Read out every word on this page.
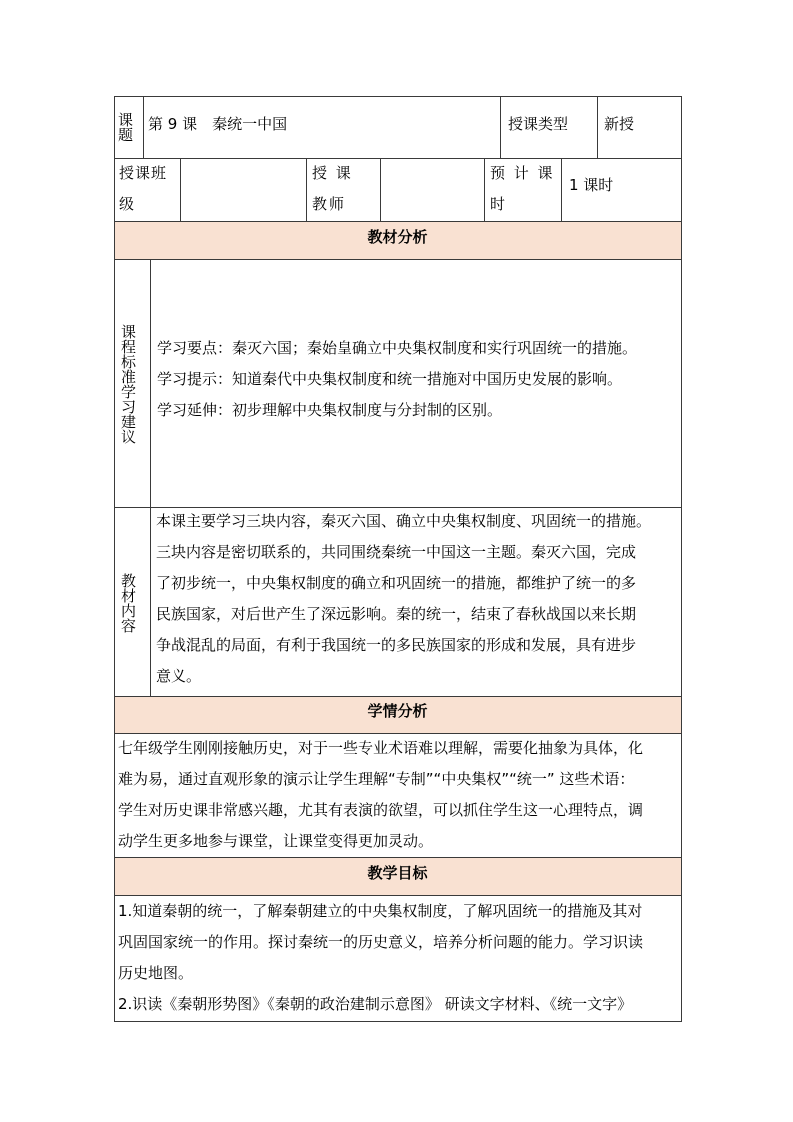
课题 第 9 课　秦统一中国	授课类型 新授
授课班级
授 课 教师
预 计 课时
1 课时
教材分析
课程标准学习建议	学习要点：秦灭六国；秦始皇确立中央集权制度和实行巩固统一的措施。
学习提示：知道秦代中央集权制度和统一措施对中国历史发展的影响。
学习延伸：初步理解中央集权制度与分封制的区别。
教材内容
本课主要学习三块内容，秦灭六国、确立中央集权制度、巩固统一的措施。
三块内容是密切联系的，共同围绕秦统一中国这一主题。秦灭六国，完成
了初步统一，中央集权制度的确立和巩固统一的措施，都维护了统一的多
民族国家，对后世产生了深远影响。秦的统一，结束了春秋战国以来长期
争战混乱的局面，有利于我国统一的多民族国家的形成和发展，具有进步
意义。
学情分析
七年级学生刚刚接触历史，对于一些专业术语难以理解，需要化抽象为具体，化
难为易，通过直观形象的演示让学生理解“专制”“中央集权”“统一” 这些术语：
学生对历史课非常感兴趣，尤其有表演的欲望，可以抓住学生这一心理特点，调
动学生更多地参与课堂，让课堂变得更加灵动。
教学目标
1.知道秦朝的统一，了解秦朝建立的中央集权制度，了解巩固统一的措施及其对
巩固国家统一的作用。探讨秦统一的历史意义，培养分析问题的能力。学习识读
历史地图。
2.识读《秦朝形势图》《秦朝的政治建制示意图》 研读文字材料、《统一文字》
